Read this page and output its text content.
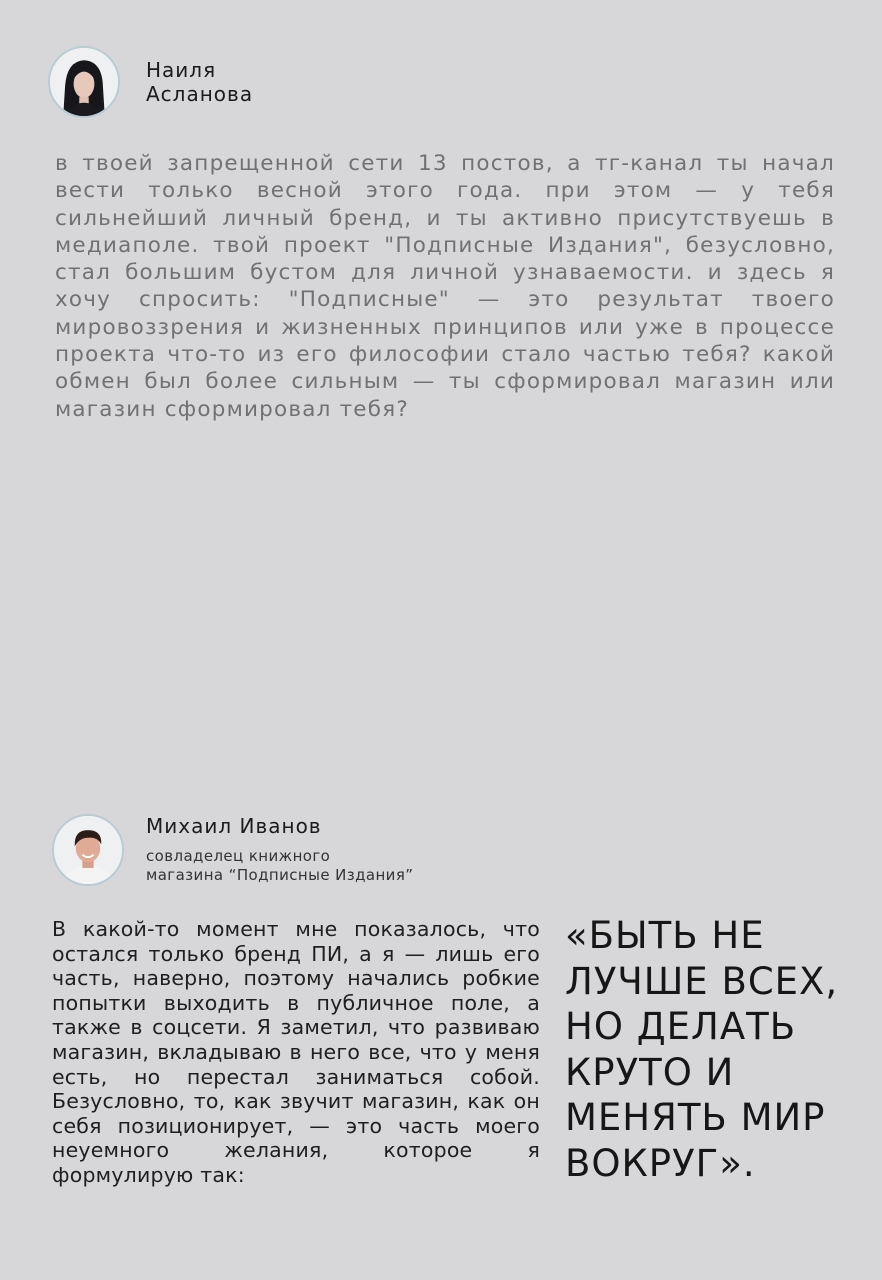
Наиля
Асланова

в твоей запрещенной сети 13 постов, а тг-канал ты начал вести только весной этого года. при этом — у тебя сильнейший личный бренд, и ты активно присутствуешь в медиаполе. твой проект "Подписные Издания", безусловно, стал большим бустом для личной узнаваемости. и здесь я хочу спросить: "Подписные" — это результат твоего мировоззрения и жизненных принципов или уже в процессе проекта что-то из его философии стало частью тебя? какой обмен был более сильным — ты сформировал магазин или магазин сформировал тебя?

Михаил Иванов
совладелец книжного
магазина “Подписные Издания”

В какой-то момент мне показалось, что остался только бренд ПИ, а я — лишь его часть, наверно, поэтому начались робкие попытки выходить в публичное поле, а также в соцсети. Я заметил, что развиваю магазин, вкладываю в него все, что у меня есть, но перестал заниматься собой. Безусловно, то, как звучит магазин, как он себя позиционирует, — это часть моего неуемного желания, которое я формулирую так:

«БЫТЬ НЕ ЛУЧШЕ ВСЕХ, НО ДЕЛАТЬ КРУТО И МЕНЯТЬ МИР ВОКРУГ».
